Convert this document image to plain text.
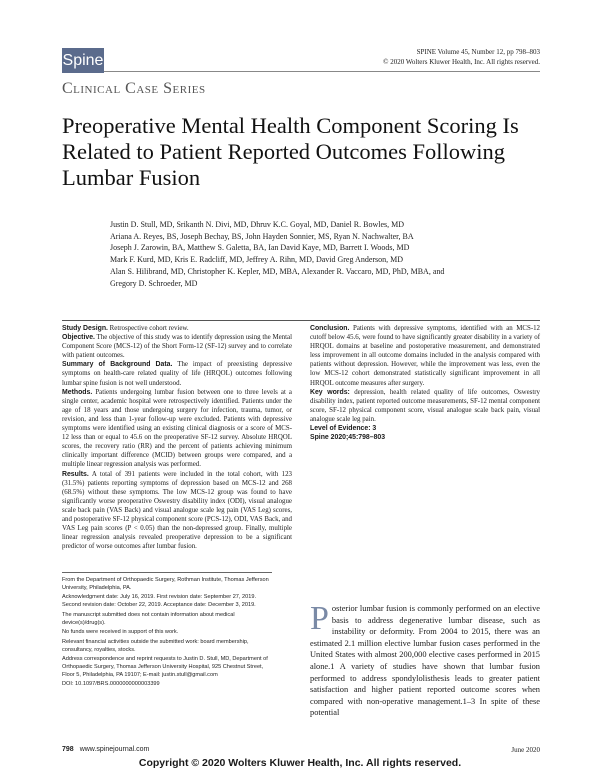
Spine	SPINE Volume 45, Number 12, pp 798–803
© 2020 Wolters Kluwer Health, Inc. All rights reserved.
Clinical Case Series
Preoperative Mental Health Component Scoring Is Related to Patient Reported Outcomes Following Lumbar Fusion
Justin D. Stull, MD, Srikanth N. Divi, MD, Dhruv K.C. Goyal, MD, Daniel R. Bowles, MD
Ariana A. Reyes, BS, Joseph Bechay, BS, John Hayden Sonnier, MS, Ryan N. Nachwalter, BA
Joseph J. Zarowin, BA, Matthew S. Galetta, BA, Ian David Kaye, MD, Barrett I. Woods, MD
Mark F. Kurd, MD, Kris E. Radcliff, MD, Jeffrey A. Rihn, MD, David Greg Anderson, MD
Alan S. Hilibrand, MD, Christopher K. Kepler, MD, MBA, Alexander R. Vaccaro, MD, PhD, MBA, and
Gregory D. Schroeder, MD

Study Design. Retrospective cohort review.

Objective. The objective of this study was to identify depression using the Mental Component Score (MCS-12) of the Short Form-12 (SF-12) survey and to correlate with patient outcomes.

Summary of Background Data. The impact of preexisting depressive symptoms on health-care related quality of life (HRQOL) outcomes following lumbar spine fusion is not well understood.

Methods. Patients undergoing lumbar fusion between one to three levels at a single center, academic hospital were retrospectively identified. Patients under the age of 18 years and those undergoing surgery for infection, trauma, tumor, or revision, and less than 1-year follow-up were excluded. Patients with depressive symptoms were identified using an existing clinical diagnosis or a score of MCS-12 less than or equal to 45.6 on the preoperative SF-12 survey. Absolute HRQOL scores, the recovery ratio (RR) and the percent of patients achieving minimum clinically important difference (MCID) between groups were compared, and a multiple linear regression analysis was performed.

Results. A total of 391 patients were included in the total cohort, with 123 (31.5%) patients reporting symptoms of depression based on MCS-12 and 268 (68.5%) without these symptoms. The low MCS-12 group was found to have significantly worse preoperative Oswestry disability index (ODI), visual analogue scale back pain (VAS Back) and visual analogue scale leg pain (VAS Leg) scores, and postoperative SF-12 physical component score (PCS-12), ODI, VAS Back, and VAS Leg pain scores (P < 0.05) than the non-depressed group. Finally, multiple linear regression analysis revealed preoperative depression to be a significant predictor of worse outcomes after lumbar fusion.

Conclusion. Patients with depressive symptoms, identified with an MCS-12 cutoff below 45.6, were found to have significantly greater disability in a variety of HRQOL domains at baseline and postoperative measurement, and demonstrated less improvement in all outcome domains included in the analysis compared with patients without depression. However, while the improvement was less, even the low MCS-12 cohort demonstrated statistically significant improvement in all HRQOL outcome measures after surgery.

Key words: depression, health related quality of life outcomes, Oswestry disability index, patient reported outcome measurements, SF-12 mental component score, SF-12 physical component score, visual analogue scale back pain, visual analogue scale leg pain.

Level of Evidence: 3

Spine 2020;45:798–803

From the Department of Orthopaedic Surgery, Rothman Institute, Thomas Jefferson University, Philadelphia, PA.

Acknowledgment date: July 16, 2019. First revision date: September 27, 2019. Second revision date: October 22, 2019. Acceptance date: December 3, 2019.

The manuscript submitted does not contain information about medical device(s)/drug(s).

No funds were received in support of this work.

Relevant financial activities outside the submitted work: board membership, consultancy, royalties, stocks.

Address correspondence and reprint requests to Justin D. Stull, MD, Department of Orthopaedic Surgery, Thomas Jefferson University Hospital, 925 Chestnut Street, Floor 5, Philadelphia, PA 19107; E-mail: justin.stull@gmail.com

DOI: 10.1097/BRS.0000000000003399

Posterior lumbar fusion is commonly performed on an elective basis to address degenerative lumbar disease, such as instability or deformity. From 2004 to 2015, there was an estimated 2.1 million elective lumbar fusion cases performed in the United States with almost 200,000 elective cases performed in 2015 alone.1 A variety of studies have shown that lumbar fusion performed to address spondylolisthesis leads to greater patient satisfaction and higher patient reported outcome scores when compared with non-operative management.1–3 In spite of these potential
798 www.spinejournal.com	June 2020
Copyright © 2020 Wolters Kluwer Health, Inc. All rights reserved.
